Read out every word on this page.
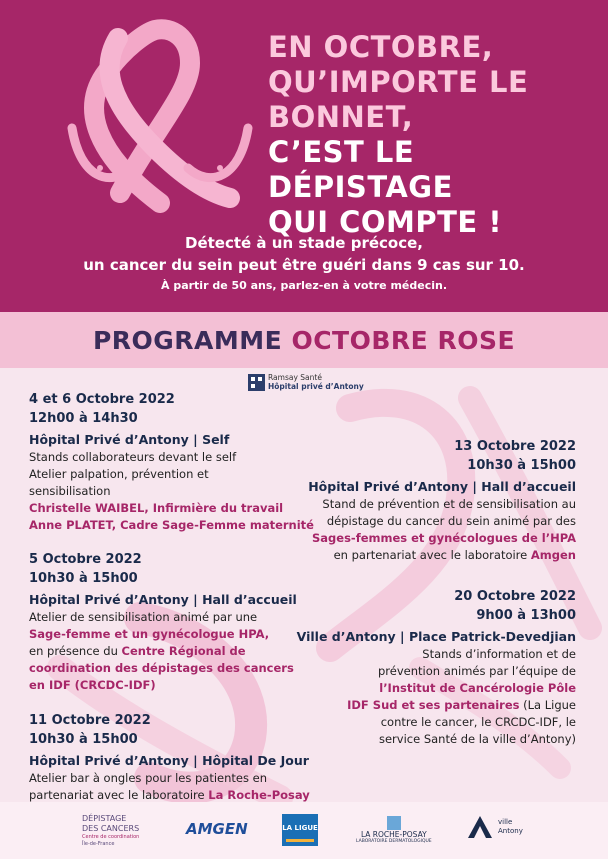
EN OCTOBRE,
QU’IMPORTE LE BONNET,
C’EST LE DÉPISTAGE
QUI COMPTE !
Détecté à un stade précoce,
un cancer du sein peut être guéri dans 9 cas sur 10.
À partir de 50 ans, parlez-en à votre médecin.
PROGRAMME OCTOBRE ROSE
Ramsay Santé
Hôpital privé d’Antony
4 et 6 Octobre 2022
12h00 à 14h30
Hôpital Privé d’Antony | Self
Stands collaborateurs devant le self
Atelier palpation, prévention et
sensibilisation
Christelle WAIBEL, Infirmière du travail
Anne PLATET, Cadre Sage-Femme maternité
5 Octobre 2022
10h30 à 15h00
Hôpital Privé d’Antony | Hall d’accueil
Atelier de sensibilisation animé par une
Sage-femme et un gynécologue HPA,
en présence du Centre Régional de
coordination des dépistages des cancers
en IDF (CRCDC-IDF)
11 Octobre 2022
10h30 à 15h00
Hôpital Privé d’Antony | Hôpital De Jour
Atelier bar à ongles pour les patientes en
partenariat avec le laboratoire La Roche-Posay
13 Octobre 2022
10h30 à 15h00
Hôpital Privé d’Antony | Hall d’accueil
Stand de prévention et de sensibilisation au
dépistage du cancer du sein animé par des
Sages-femmes et gynécologues de l’HPA
en partenariat avec le laboratoire Amgen
20 Octobre 2022
9h00 à 13h00
Ville d’Antony | Place Patrick-Devedjian
Stands d’information et de
prévention animés par l’équipe de
l’Institut de Cancérologie Pôle
IDF Sud et ses partenaires (La Ligue
contre le cancer, le CRCDC-IDF, le
service Santé de la ville d’Antony)
DÉPISTAGE
DES CANCERS
Centre de coordination
Île-de-France
AMGEN	LA LIGUE
LA ROCHE-POSAY
LABORATOIRE DERMATOLOGIQUE
ville
Antony
